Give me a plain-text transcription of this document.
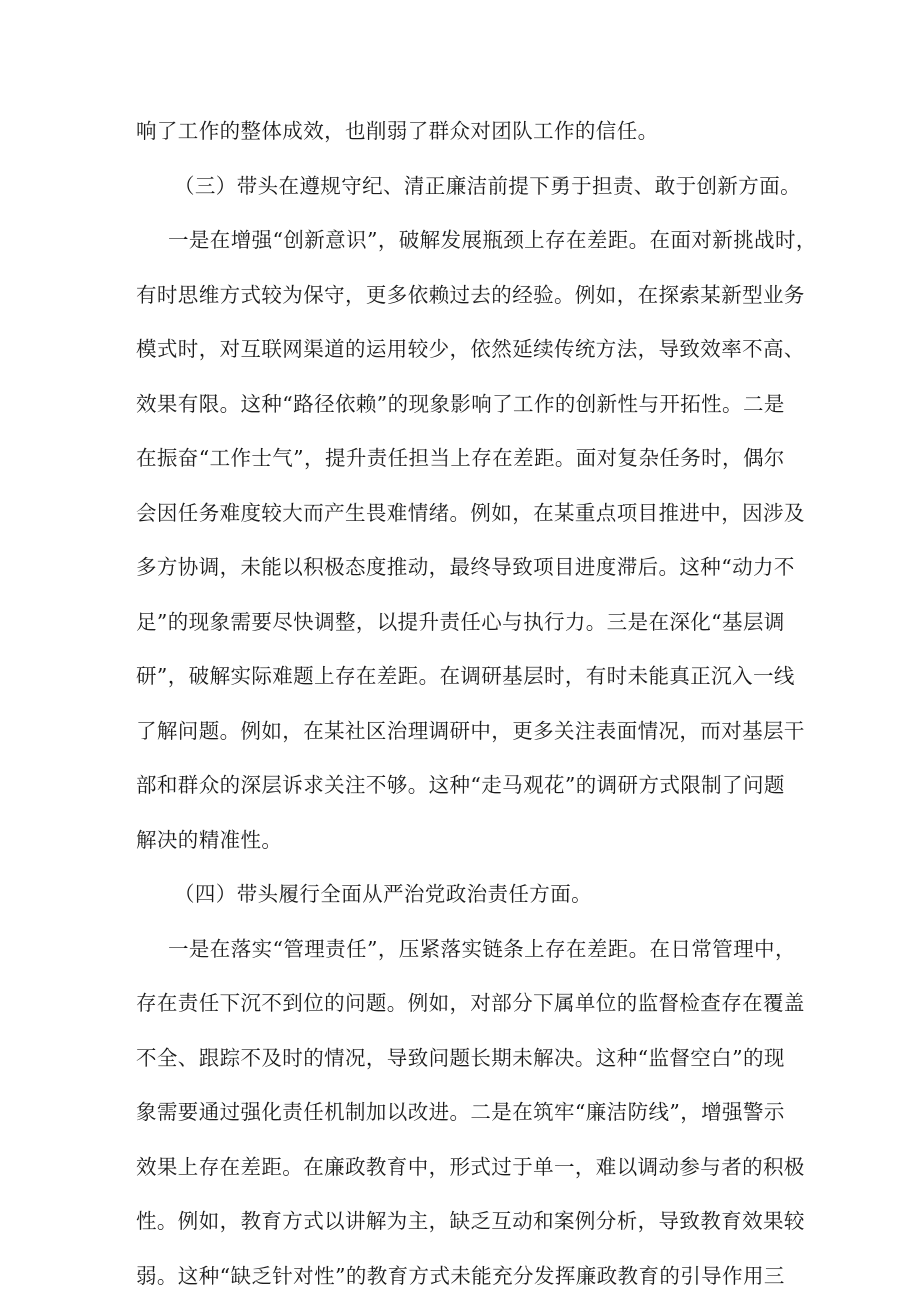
响了工作的整体成效，也削弱了群众对团队工作的信任。
（三）带头在遵规守纪、清正廉洁前提下勇于担责、敢于创新方面。
一是在增强“创新意识”，破解发展瓶颈上存在差距。在面对新挑战时，
有时思维方式较为保守，更多依赖过去的经验。例如，在探索某新型业务
模式时，对互联网渠道的运用较少，依然延续传统方法，导致效率不高、
效果有限。这种“路径依赖”的现象影响了工作的创新性与开拓性。二是
在振奋“工作士气”，提升责任担当上存在差距。面对复杂任务时，偶尔
会因任务难度较大而产生畏难情绪。例如，在某重点项目推进中，因涉及
多方协调，未能以积极态度推动，最终导致项目进度滞后。这种“动力不
足”的现象需要尽快调整，以提升责任心与执行力。三是在深化“基层调
研”，破解实际难题上存在差距。在调研基层时，有时未能真正沉入一线
了解问题。例如，在某社区治理调研中，更多关注表面情况，而对基层干
部和群众的深层诉求关注不够。这种“走马观花”的调研方式限制了问题
解决的精准性。
（四）带头履行全面从严治党政治责任方面。
一是在落实“管理责任”，压紧落实链条上存在差距。在日常管理中，
存在责任下沉不到位的问题。例如，对部分下属单位的监督检查存在覆盖
不全、跟踪不及时的情况，导致问题长期未解决。这种“监督空白”的现
象需要通过强化责任机制加以改进。二是在筑牢“廉洁防线”，增强警示
效果上存在差距。在廉政教育中，形式过于单一，难以调动参与者的积极
性。例如，教育方式以讲解为主，缺乏互动和案例分析，导致教育效果较
弱。这种“缺乏针对性”的教育方式未能充分发挥廉政教育的引导作用三
